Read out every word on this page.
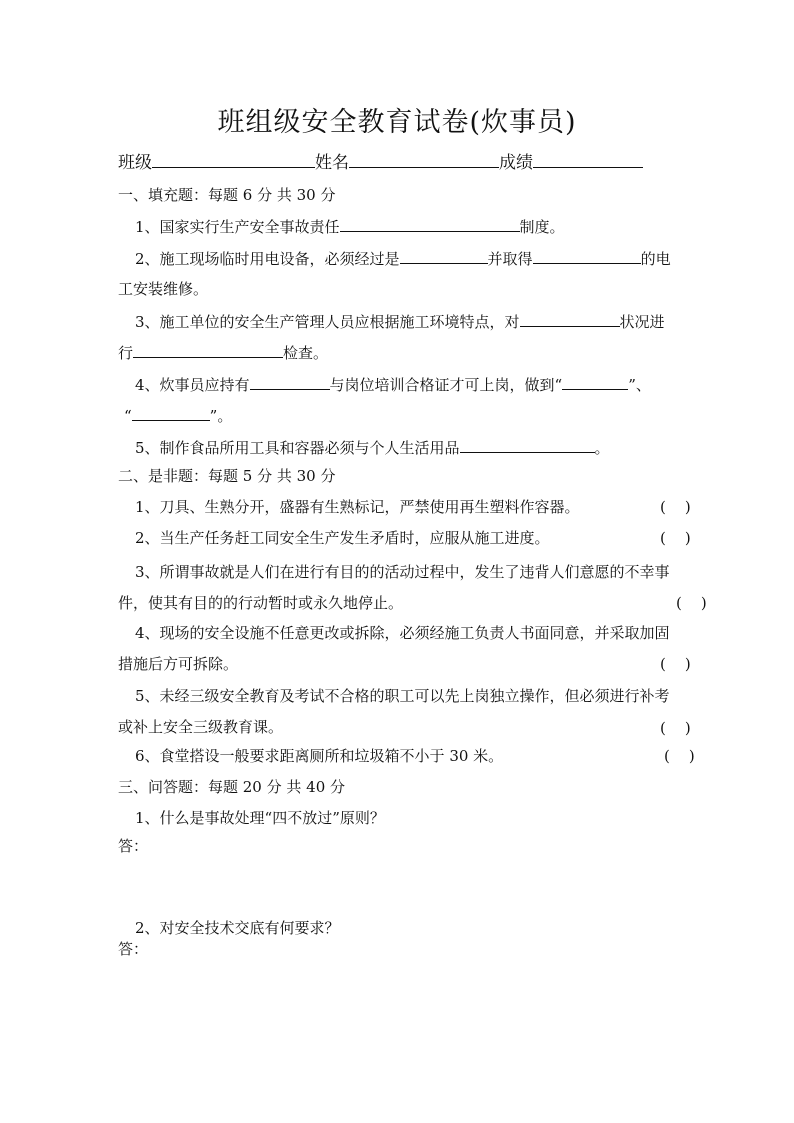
班组级安全教育试卷(炊事员)
班级	姓名	成绩
一、填充题：每题 6 分 共 30 分
1、国家实行生产安全事故责任	制度。
2、施工现场临时用电设备，必须经过是	并取得	的电
工安装维修。
3、施工单位的安全生产管理人员应根据施工环境特点，对	状况进
行	检查。
4、炊事员应持有	与岗位培训合格证才可上岗，做到“	”、
“	”。
5、制作食品所用工具和容器必须与个人生活用品	。
二、是非题：每题 5 分 共 30 分
1、刀具、生熟分开，盛器有生熟标记，严禁使用再生塑料作容器。	(    )
2、当生产任务赶工同安全生产发生矛盾时，应服从施工进度。	(    )
3、所谓事故就是人们在进行有目的的活动过程中，发生了违背人们意愿的不幸事
件，使其有目的的行动暂时或永久地停止。	(    )
4、现场的安全设施不任意更改或拆除，必须经施工负责人书面同意，并采取加固
措施后方可拆除。	(    )
5、未经三级安全教育及考试不合格的职工可以先上岗独立操作，但必须进行补考
或补上安全三级教育课。	(    )
6、食堂搭设一般要求距离厕所和垃圾箱不小于 30 米。	(    )
三、问答题：每题 20 分 共 40 分
1、什么是事故处理“四不放过”原则？
答：
2、对安全技术交底有何要求？
答：
